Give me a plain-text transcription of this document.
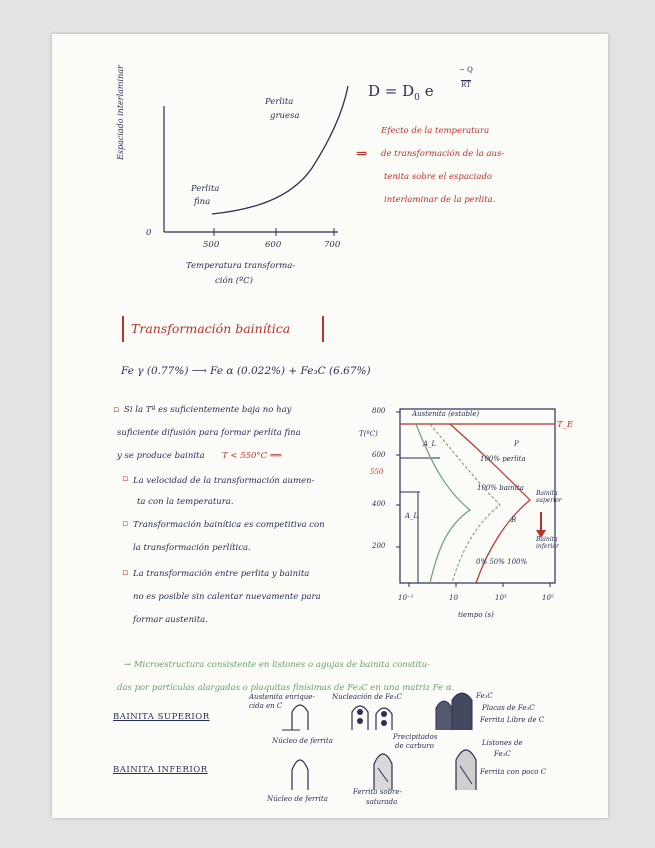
Espaciado interlaminar
0
500	600	700
Temperatura transforma-
ción (ºC)
Perlita
gruesa
Perlita
fina
$D = D_0$ e
− Q
RT
⇒
Efecto de la temperatura
de transformación de la aus-
tenita sobre el espaciado
interlaminar de la perlita.
Transformación bainítica
Fe γ (0.77%) ⟶ Fe α (0.022%) + Fe₃C (6.67%)
▫ Si la Tª es suficientemente baja no hay
suficiente difusión para formar perlita fina
y se produce bainita T < 550°C ⟹
▫ La velocidad de la transformación aumen-
ta con la temperatura.
▫ Transformación bainítica es competitiva con
la transformación perlítica.
▫ La transformación entre perlita y bainita
no es posible sin calentar nuevamente para
formar austenita.
Austenita (estable)
T(ºC)
800
600
550
400
200
10⁻¹	10	10³	10⁵
tiempo (s)
T_E
A_L
A_L
P
100% perlita
100% bainita
B
Bainita superior
Bainita inferior
0% 50% 100%
→ Microestructura consistente en listones o agujas de bainita constitu-
das por partículas alargadas o plaquitas finísimas de Fe₃C en una matriz Fe α.
BAINITA SUPERIOR
Austenita enrique-
cida en C
Nucleación de Fe₃C	Fe₃C
Placas de Fe₃C
Ferrita Libre de C
Núcleo de ferrita
BAINITA INFERIOR
Precipitados
de carburo	Listones de
Fe₃C
Ferrita con poco C
Núcleo de ferrita
Ferrita sobre-
saturada
